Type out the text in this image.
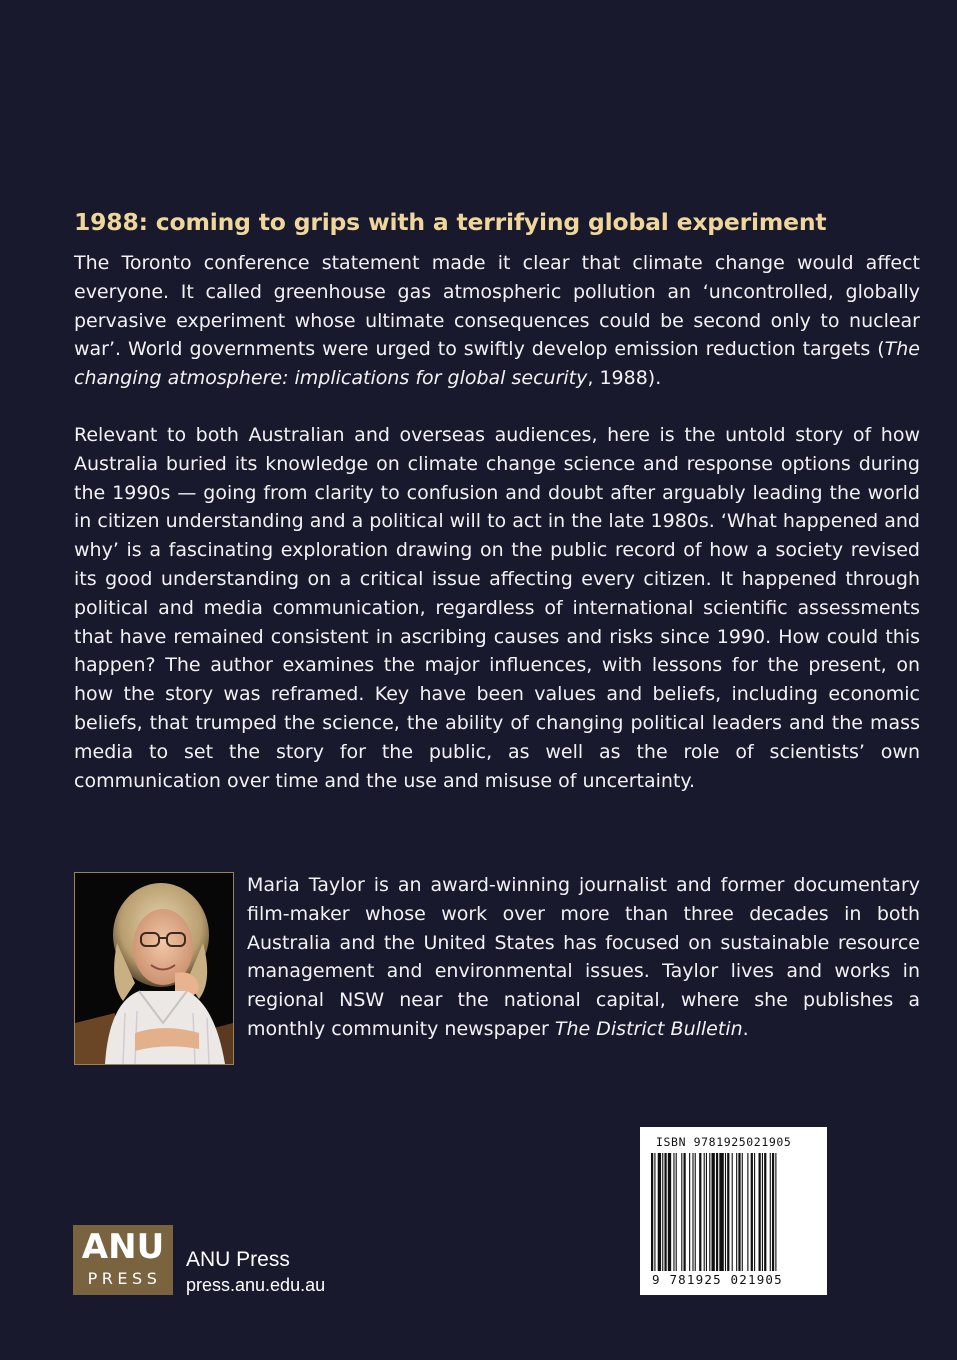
1988: coming to grips with a terrifying global experiment

The Toronto conference statement made it clear that climate change would affect everyone. It called greenhouse gas atmospheric pollution an ‘uncontrolled, globally pervasive experiment whose ultimate consequences could be second only to nuclear war’. World governments were urged to swiftly develop emission reduction targets (The changing atmosphere: implications for global security, 1988).

Relevant to both Australian and overseas audiences, here is the untold story of how Australia buried its knowledge on climate change science and response options during the 1990s — going from clarity to confusion and doubt after arguably leading the world in citizen understanding and a political will to act in the late 1980s. ‘What happened and why’ is a fascinating exploration drawing on the public record of how a society revised its good understanding on a critical issue affecting every citizen. It happened through political and media communication, regardless of international scientific assessments that have remained consistent in ascribing causes and risks since 1990. How could this happen? The author examines the major influences, with lessons for the present, on how the story was reframed. Key have been values and beliefs, including economic beliefs, that trumped the science, the ability of changing political leaders and the mass media to set the story for the public, as well as the role of scientists’ own communication over time and the use and misuse of uncertainty.

Maria Taylor is an award-winning journalist and former documentary film-maker whose work over more than three decades in both Australia and the United States has focused on sustainable resource management and environmental issues. Taylor lives and works in regional NSW near the national capital, where she publishes a monthly community newspaper The District Bulletin.

ISBN 9781925021905
9 781925 021905
ANU
PRESS
ANU Press
press.anu.edu.au
